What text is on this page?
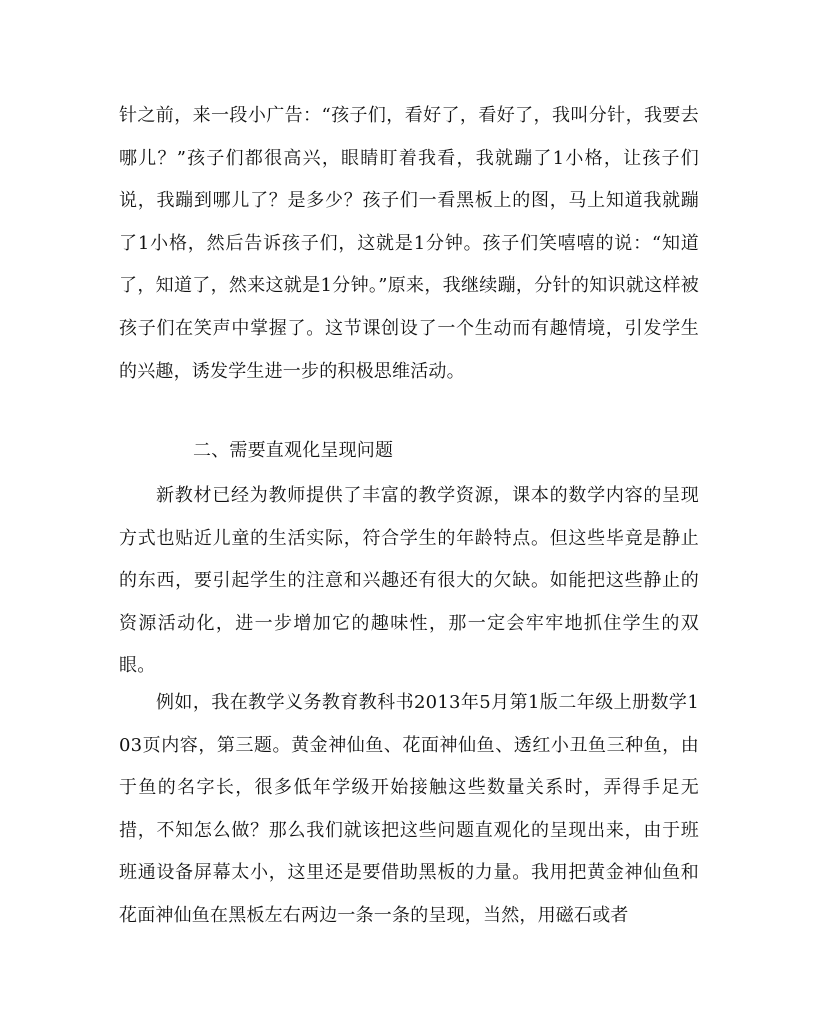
针之前，来一段小广告：“孩子们，看好了，看好了，我叫分针，我要去哪儿？”孩子们都很高兴，眼睛盯着我看，我就蹦了1小格，让孩子们说，我蹦到哪儿了？是多少？孩子们一看黑板上的图，马上知道我就蹦了1小格，然后告诉孩子们，这就是1分钟。孩子们笑嘻嘻的说：“知道了，知道了，然来这就是1分钟。”原来，我继续蹦，分针的知识就这样被孩子们在笑声中掌握了。这节课创设了一个生动而有趣情境，引发学生的兴趣，诱发学生进一步的积极思维活动。

二、需要直观化呈现问题

新教材已经为教师提供了丰富的教学资源，课本的数学内容的呈现方式也贴近儿童的生活实际，符合学生的年龄特点。但这些毕竟是静止的东西，要引起学生的注意和兴趣还有很大的欠缺。如能把这些静止的资源活动化，进一步增加它的趣味性，那一定会牢牢地抓住学生的双眼。

例如，我在教学义务教育教科书2013年5月第1版二年级上册数学103页内容，第三题。黄金神仙鱼、花面神仙鱼、透红小丑鱼三种鱼，由于鱼的名字长，很多低年学级开始接触这些数量关系时，弄得手足无措，不知怎么做？那么我们就该把这些问题直观化的呈现出来，由于班班通设备屏幕太小，这里还是要借助黑板的力量。我用把黄金神仙鱼和花面神仙鱼在黑板左右两边一条一条的呈现，当然，用磁石或者
